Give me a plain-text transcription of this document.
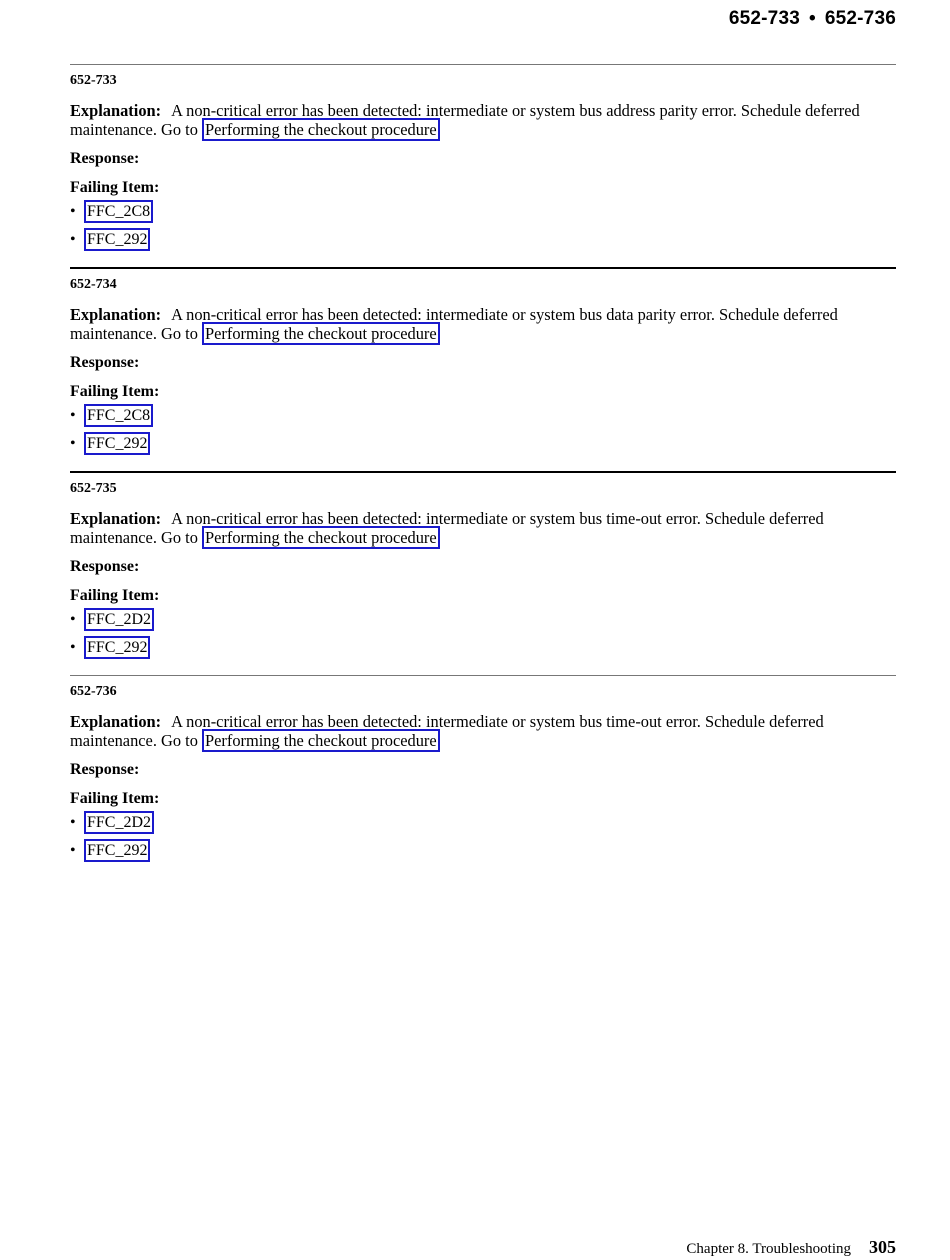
652-733 • 652-736

652-733

Explanation: A non-critical error has been detected: intermediate or system bus address parity error. Schedule deferred maintenance. Go to Performing the checkout procedure

Response:

Failing Item:

• FFC_2C8
• FFC_292

652-734

Explanation: A non-critical error has been detected: intermediate or system bus data parity error. Schedule deferred maintenance. Go to Performing the checkout procedure

Response:

Failing Item:

• FFC_2C8
• FFC_292

652-735

Explanation: A non-critical error has been detected: intermediate or system bus time-out error. Schedule deferred maintenance. Go to Performing the checkout procedure

Response:

Failing Item:

• FFC_2D2
• FFC_292

652-736

Explanation: A non-critical error has been detected: intermediate or system bus time-out error. Schedule deferred maintenance. Go to Performing the checkout procedure

Response:

Failing Item:

• FFC_2D2
• FFC_292
Chapter 8. Troubleshooting 305
